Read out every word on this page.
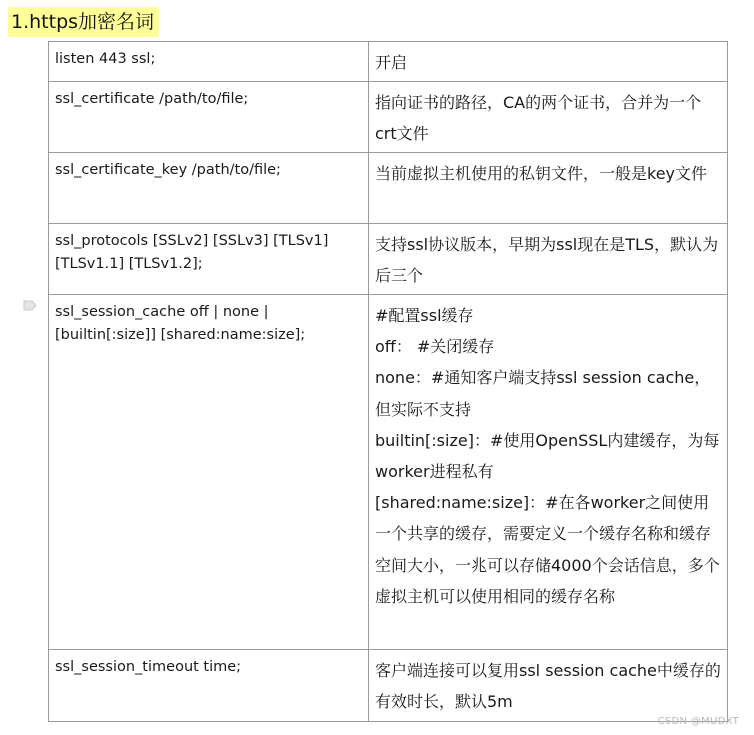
1.https加密名词
listen 443 ssl;	开启

ssl_certificate /path/to/file;	指向证书的路径，CA的两个证书，合并为一个crt文件

ssl_certificate_key /path/to/file;	当前虚拟主机使用的私钥文件，一般是key文件

ssl_protocols [SSLv2] [SSLv3] [TLSv1] [TLSv1.1] [TLSv1.2];	支持ssl协议版本，早期为ssl现在是TLS，默认为后三个

ssl_session_cache off | none | [builtin[:size]] [shared:name:size];	#配置ssl缓存
off： #关闭缓存
none：#通知客户端支持ssl session cache，但实际不支持
builtin[:size]：#使用OpenSSL内建缓存，为每worker进程私有
[shared:name:size]：#在各worker之间使用一个共享的缓存，需要定义一个缓存名称和缓存空间大小，一兆可以存储4000个会话信息，多个虚拟主机可以使用相同的缓存名称

ssl_session_timeout time;	客户端连接可以复用ssl session cache中缓存的有效时长，默认5m
CSDN @MUDXT
